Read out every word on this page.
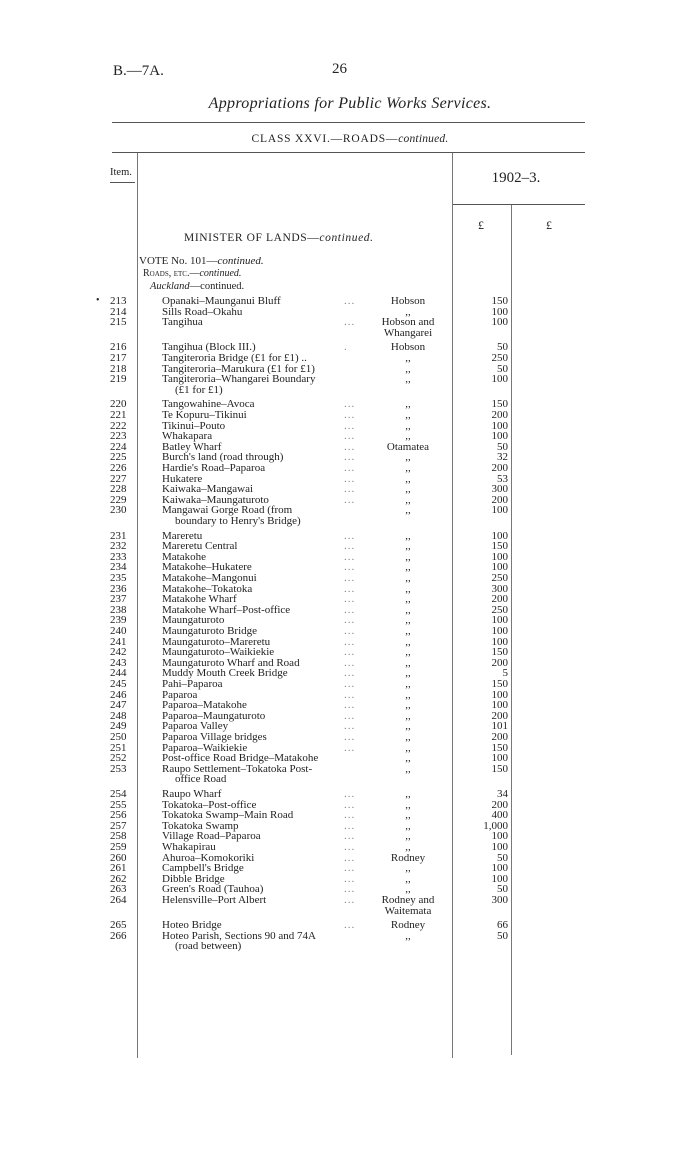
B.—7A.	26
Appropriations for Public Works Services.
CLASS XXVI.—ROADS—continued.
Item.	1902–3.
£	£
MINISTER OF LANDS—continued.
VOTE No. 101—continued.
Roads, etc.—continued.
Auckland—continued.
• 213	Opanaki–Maunganui Bluff	...	Hobson	150
214	Sills Road–Okahu	,,	100
215	Tangihua	...	Hobson and	100
Whangarei
216	Tangihua (Block III.)	.	Hobson	50
217	Tangiteroria Bridge (£1 for £1) ..	,,	250
218	Tangiteroria–Marukura (£1 for £1)	,,	50
219	Tangiteroria–Whangarei Boundary	,,	100
(£1 for £1)
220	Tangowahine–Avoca	...	,,	150
221	Te Kopuru–Tikinui	...	,,	200
222	Tikinui–Pouto	...	,,	100
223	Whakapara	...	,,	100
224	Batley Wharf	...	Otamatea	50
225	Burch's land (road through)	...	,,	32
226	Hardie's Road–Paparoa	...	,,	200
227	Hukatere	...	,,	53
228	Kaiwaka–Mangawai	...	,,	300
229	Kaiwaka–Maungaturoto	...	,,	200
230	Mangawai Gorge Road (from	,,	100
boundary to Henry's Bridge)
231	Mareretu	...	,,	100
232	Mareretu Central	...	,,	150
233	Matakohe	...	,,	100
234	Matakohe–Hukatere	...	,,	100
235	Matakohe–Mangonui	...	,,	250
236	Matakohe–Tokatoka	...	,,	300
237	Matakohe Wharf	...	,,	200
238	Matakohe Wharf–Post-office	...	,,	250
239	Maungaturoto	...	,,	100
240	Maungaturoto Bridge	...	,,	100
241	Maungaturoto–Mareretu	...	,,	100
242	Maungaturoto–Waikiekie	...	,,	150
243	Maungaturoto Wharf and Road	...	,,	200
244	Muddy Mouth Creek Bridge	...	,,	5
245	Pahi–Paparoa	...	,,	150
246	Paparoa	...	,,	100
247	Paparoa–Matakohe	...	,,	100
248	Paparoa–Maungaturoto	...	,,	200
249	Paparoa Valley	...	,,	101
250	Paparoa Village bridges	...	,,	200
251	Paparoa–Waikiekie	...	,,	150
252	Post-office Road Bridge–Matakohe	,,	100
253	Raupo Settlement–Tokatoka Post-	,,	150
office Road
254	Raupo Wharf	...	,,	34
255	Tokatoka–Post-office	...	,,	200
256	Tokatoka Swamp–Main Road	...	,,	400
257	Tokatoka Swamp	...	,,	1,000
258	Village Road–Paparoa	...	,,	100
259	Whakapirau	...	,,	100
260	Ahuroa–Komokoriki	...	Rodney	50
261	Campbell's Bridge	...	,,	100
262	Dibble Bridge	...	,,	100
263	Green's Road (Tauhoa)	...	,,	50
264	Helensville–Port Albert	...	Rodney and	300
Waitemata
265	Hoteo Bridge	...	Rodney	66
266	Hoteo Parish, Sections 90 and 74A	,,	50
(road between)
